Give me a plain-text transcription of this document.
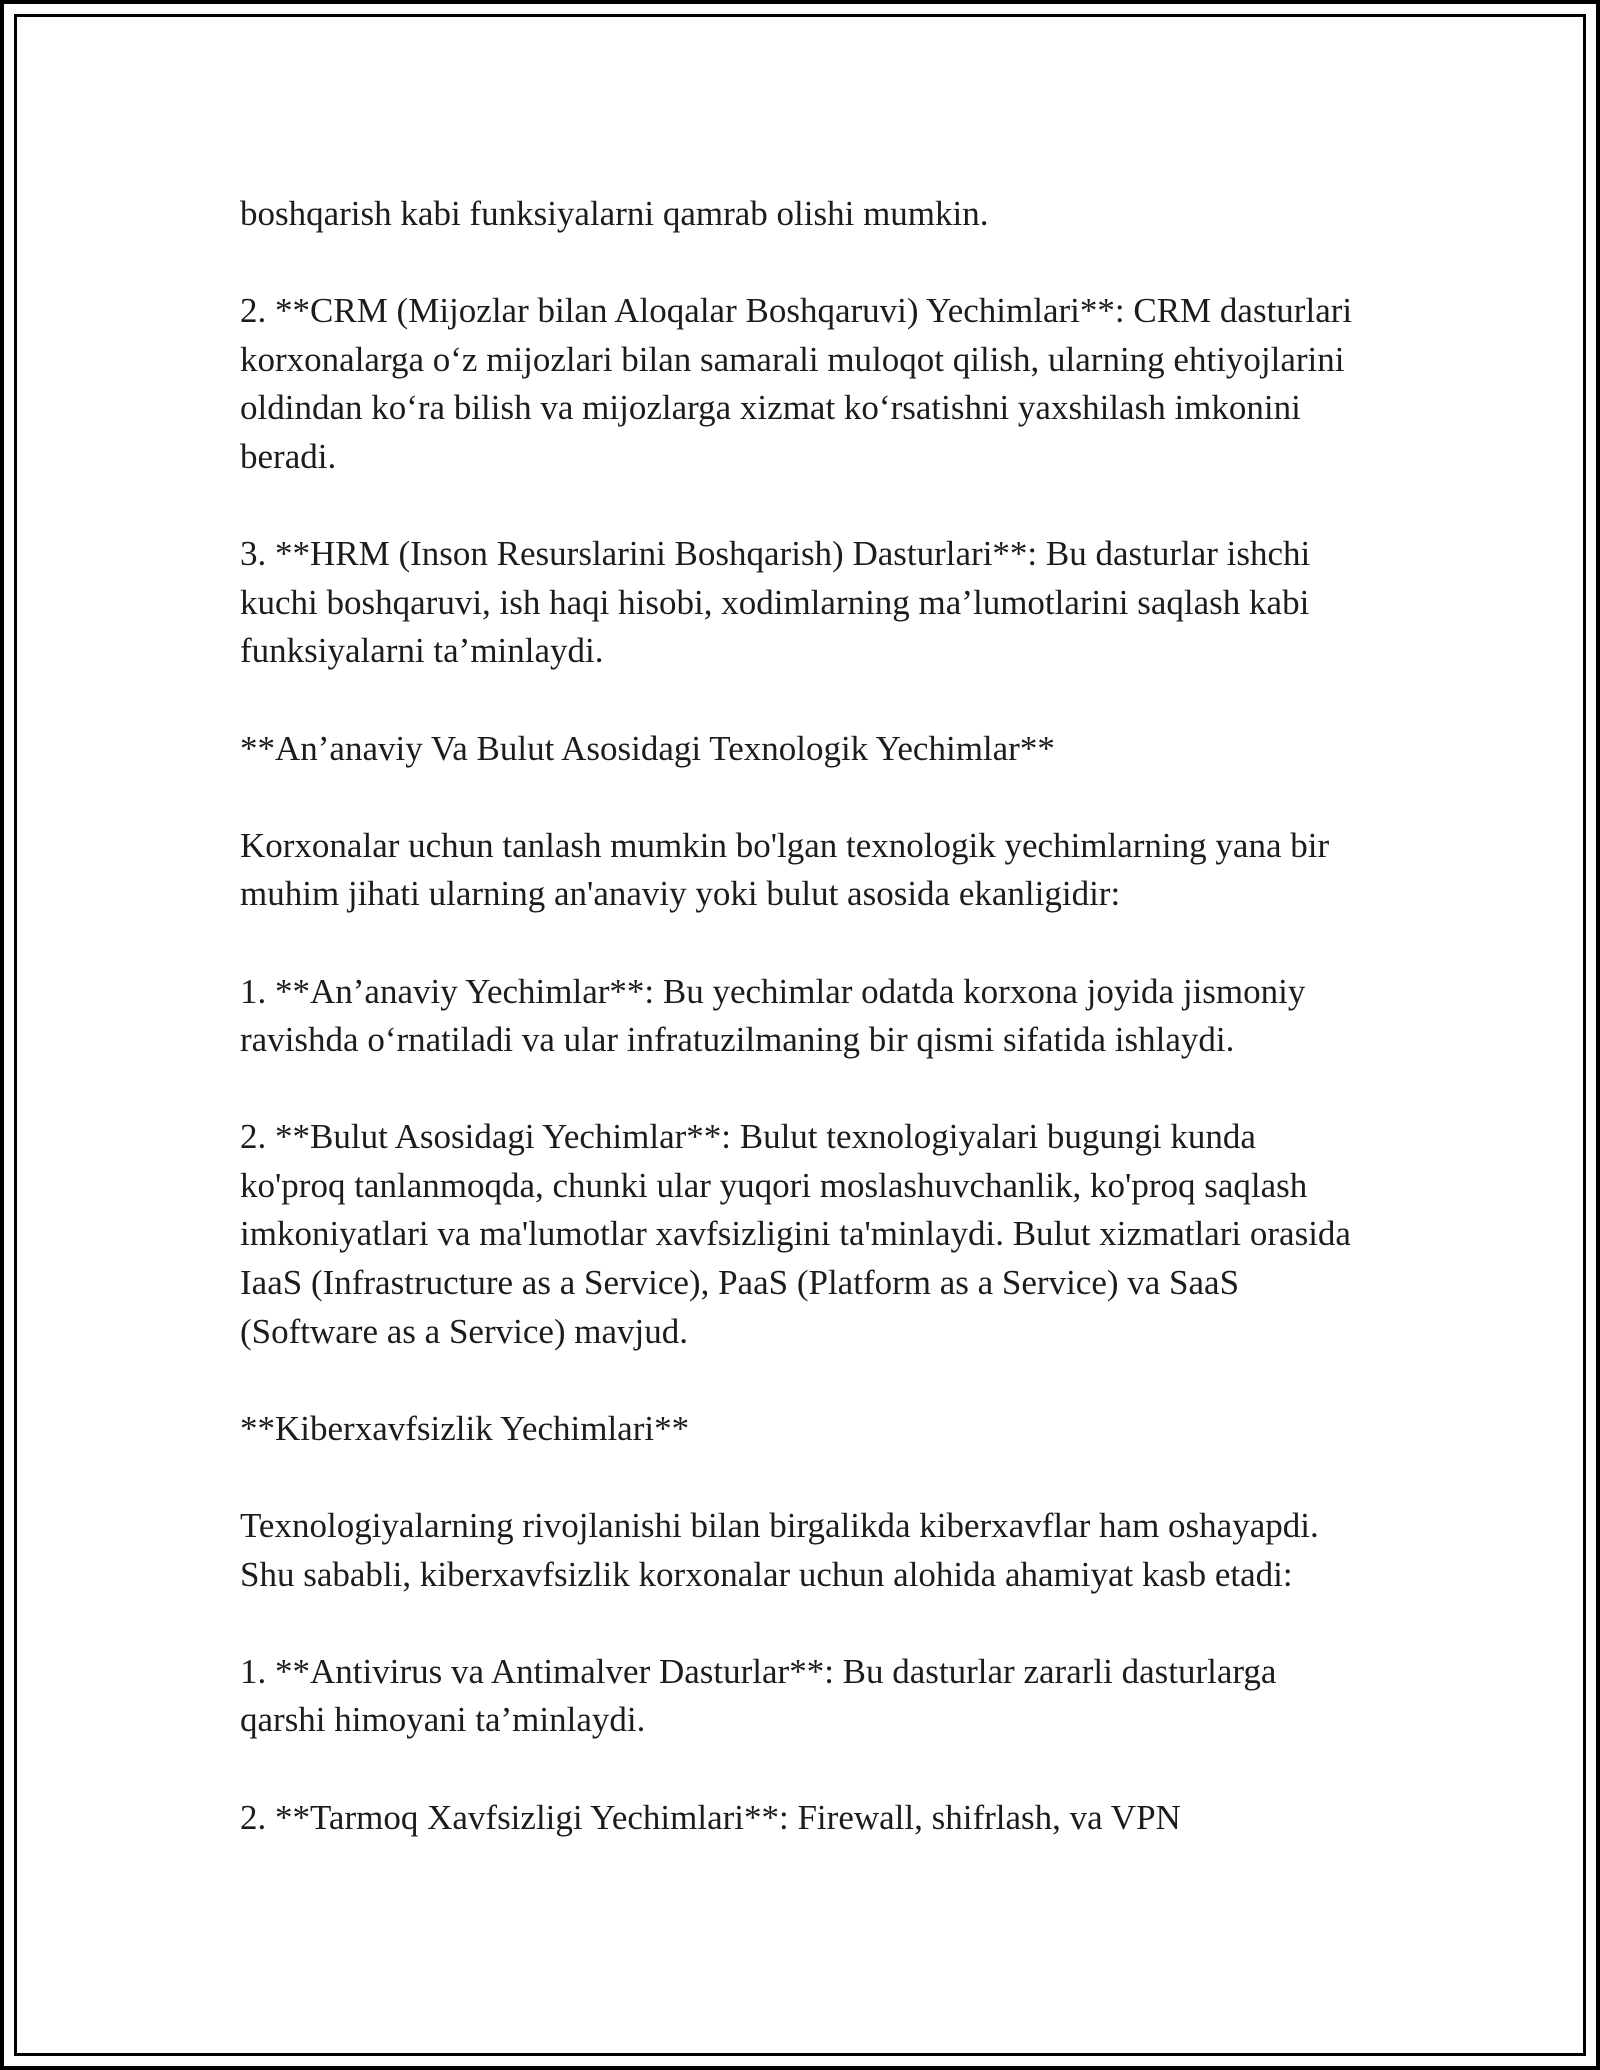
boshqarish kabi funksiyalarni qamrab olishi mumkin.

2. **CRM (Mijozlar bilan Aloqalar Boshqaruvi) Yechimlari**: CRM dasturlari korxonalarga o‘z mijozlari bilan samarali muloqot qilish, ularning ehtiyojlarini oldindan ko‘ra bilish va mijozlarga xizmat ko‘rsatishni yaxshilash imkonini beradi.

3. **HRM (Inson Resurslarini Boshqarish) Dasturlari**: Bu dasturlar ishchi kuchi boshqaruvi, ish haqi hisobi, xodimlarning ma’lumotlarini saqlash kabi funksiyalarni ta’minlaydi.

**An’anaviy Va Bulut Asosidagi Texnologik Yechimlar**

Korxonalar uchun tanlash mumkin bo'lgan texnologik yechimlarning yana bir muhim jihati ularning an'anaviy yoki bulut asosida ekanligidir:

1. **An’anaviy Yechimlar**: Bu yechimlar odatda korxona joyida jismoniy ravishda o‘rnatiladi va ular infratuzilmaning bir qismi sifatida ishlaydi.

2. **Bulut Asosidagi Yechimlar**: Bulut texnologiyalari bugungi kunda ko'proq tanlanmoqda, chunki ular yuqori moslashuvchanlik, ko'proq saqlash imkoniyatlari va ma'lumotlar xavfsizligini ta'minlaydi. Bulut xizmatlari orasida IaaS (Infrastructure as a Service), PaaS (Platform as a Service) va SaaS (Software as a Service) mavjud.

**Kiberxavfsizlik Yechimlari**

Texnologiyalarning rivojlanishi bilan birgalikda kiberxavflar ham oshayapdi. Shu sababli, kiberxavfsizlik korxonalar uchun alohida ahamiyat kasb etadi:

1. **Antivirus va Antimalver Dasturlar**: Bu dasturlar zararli dasturlarga qarshi himoyani ta’minlaydi.

2. **Tarmoq Xavfsizligi Yechimlari**: Firewall, shifrlash, va VPN
